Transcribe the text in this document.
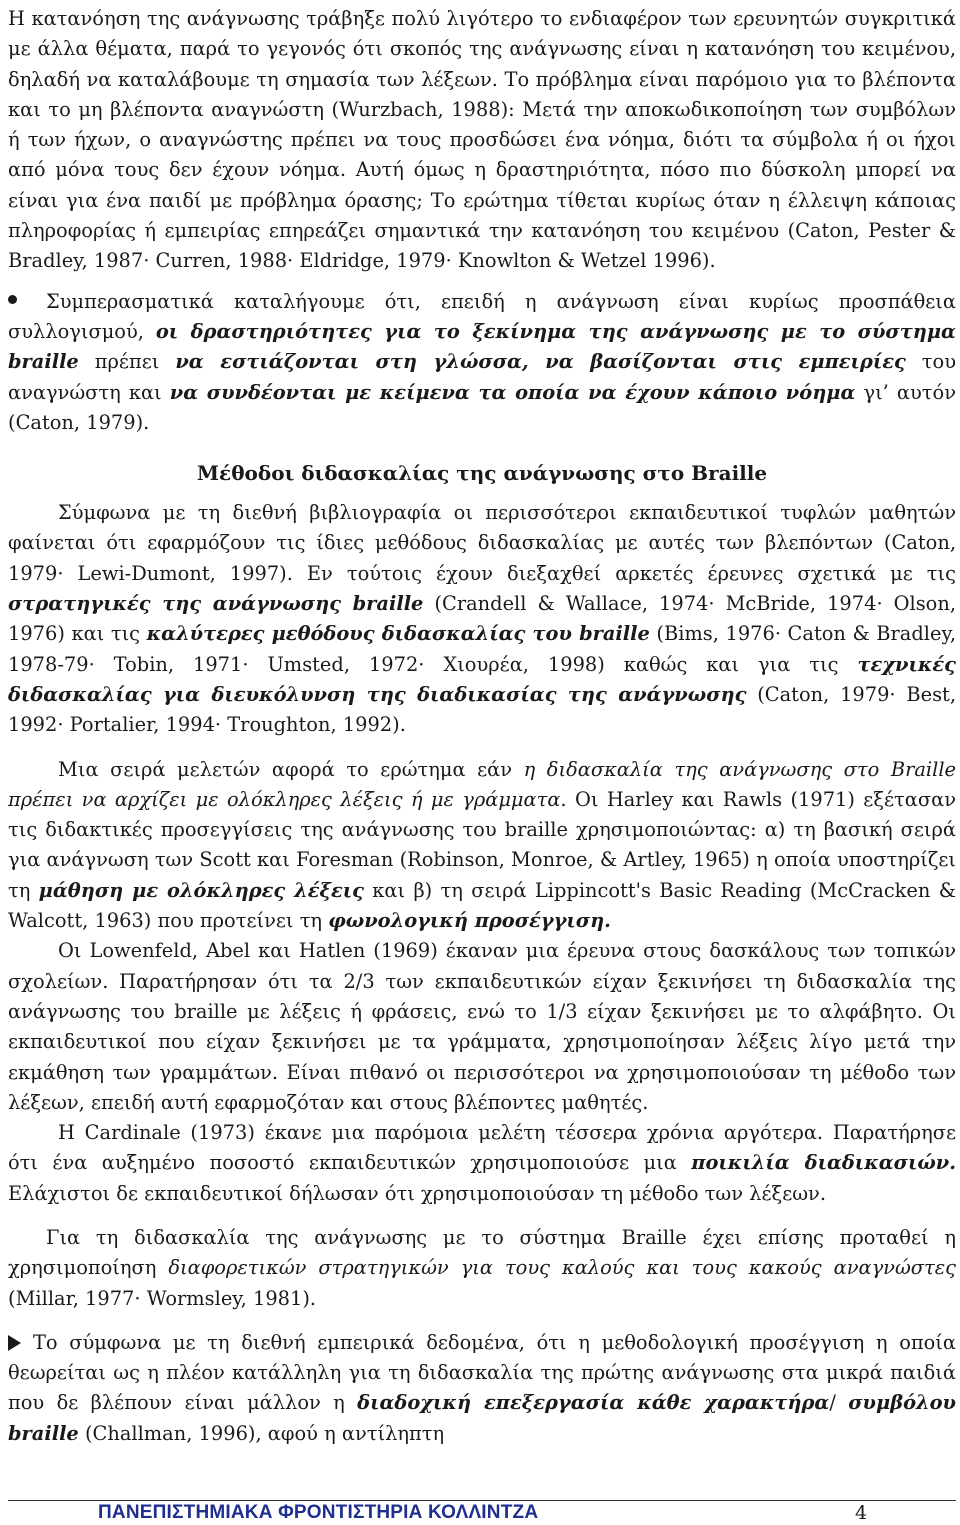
Η κατανόηση της ανάγνωσης τράβηξε πολύ λιγότερο το ενδιαφέρον των ερευνητών συγκριτικά με άλλα θέματα, παρά το γεγονός ότι σκοπός της ανάγνωσης είναι η κατανόηση του κειμένου, δηλαδή να καταλάβουμε τη σημασία των λέξεων. Το πρόβλημα είναι παρόμοιο για το βλέποντα και το μη βλέποντα αναγνώστη (Wurzbach, 1988): Μετά την αποκωδικοποίηση των συμβόλων ή των ήχων, ο αναγνώστης πρέπει να τους προσδώσει ένα νόημα, διότι τα σύμβολα ή οι ήχοι από μόνα τους δεν έχουν νόημα. Αυτή όμως η δραστηριότητα, πόσο πιο δύσκολη μπορεί να είναι για ένα παιδί με πρόβλημα όρασης; Το ερώτημα τίθεται κυρίως όταν η έλλειψη κάποιας πληροφορίας ή εμπειρίας επηρεάζει σημαντικά την κατανόηση του κειμένου (Caton, Pester & Bradley, 1987· Curren, 1988· Eldridge, 1979· Knowlton & Wetzel 1996).

Συμπερασματικά καταλήγουμε ότι, επειδή η ανάγνωση είναι κυρίως προσπάθεια συλλογισμού, οι δραστηριότητες για το ξεκίνημα της ανάγνωσης με το σύστημα braille πρέπει να εστιάζονται στη γλώσσα, να βασίζονται στις εμπειρίες του αναγνώστη και να συνδέονται με κείμενα τα οποία να έχουν κάποιο νόημα γι’ αυτόν (Caton, 1979).

Μέθοδοι διδασκαλίας της ανάγνωσης στο Braille

Σύμφωνα με τη διεθνή βιβλιογραφία οι περισσότεροι εκπαιδευτικοί τυφλών μαθητών φαίνεται ότι εφαρμόζουν τις ίδιες μεθόδους διδασκαλίας με αυτές των βλεπόντων (Caton, 1979· Lewi-Dumont, 1997). Εν τούτοις έχουν διεξαχθεί αρκετές έρευνες σχετικά με τις στρατηγικές της ανάγνωσης braille (Crandell & Wallace, 1974· McBride, 1974· Olson, 1976) και τις καλύτερες μεθόδους διδασκαλίας του braille (Bims, 1976· Caton & Bradley, 1978-79· Tobin, 1971· Umsted, 1972· Χιουρέα, 1998) καθώς και για τις τεχνικές διδασκαλίας για διευκόλυνση της διαδικασίας της ανάγνωσης (Caton, 1979· Best, 1992· Portalier, 1994· Troughton, 1992).

Μια σειρά μελετών αφορά το ερώτημα εάν η διδασκαλία της ανάγνωσης στο Braille πρέπει να αρχίζει με ολόκληρες λέξεις ή με γράμματα. Οι Harley και Rawls (1971) εξέτασαν τις διδακτικές προσεγγίσεις της ανάγνωσης του braille χρησιμοποιώντας: α) τη βασική σειρά για ανάγνωση των Scott και Foresman (Robinson, Monroe, & Artley, 1965) η οποία υποστηρίζει τη μάθηση με ολόκληρες λέξεις και β) τη σειρά Lippincott's Basic Reading (McCracken & Walcott, 1963) που προτείνει τη φωνολογική προσέγγιση.

Οι Lowenfeld, Abel και Hatlen (1969) έκαναν μια έρευνα στους δασκάλους των τοπικών σχολείων. Παρατήρησαν ότι τα 2/3 των εκπαιδευτικών είχαν ξεκινήσει τη διδασκαλία της ανάγνωσης του braille με λέξεις ή φράσεις, ενώ το 1/3 είχαν ξεκινήσει με το αλφάβητο. Οι εκπαιδευτικοί που είχαν ξεκινήσει με τα γράμματα, χρησιμοποίησαν λέξεις λίγο μετά την εκμάθηση των γραμμάτων. Είναι πιθανό οι περισσότεροι να χρησιμοποιούσαν τη μέθοδο των λέξεων, επειδή αυτή εφαρμοζόταν και στους βλέποντες μαθητές.

Η Cardinale (1973) έκανε μια παρόμοια μελέτη τέσσερα χρόνια αργότερα. Παρατήρησε ότι ένα αυξημένο ποσοστό εκπαιδευτικών χρησιμοποιούσε μια ποικιλία διαδικασιών. Ελάχιστοι δε εκπαιδευτικοί δήλωσαν ότι χρησιμοποιούσαν τη μέθοδο των λέξεων.

Για τη διδασκαλία της ανάγνωσης με το σύστημα Braille έχει επίσης προταθεί η χρησιμοποίηση διαφορετικών στρατηγικών για τους καλούς και τους κακούς αναγνώστες (Millar, 1977· Wormsley, 1981).

Το σύμφωνα με τη διεθνή εμπειρικά δεδομένα, ότι η μεθοδολογική προσέγγιση η οποία θεωρείται ως η πλέον κατάλληλη για τη διδασκαλία της πρώτης ανάγνωσης στα μικρά παιδιά που δε βλέπουν είναι μάλλον η διαδοχική επεξεργασία κάθε χαρακτήρα/ συμβόλου braille (Challman, 1996), αφού η αντίληπτη

ΠΑΝΕΠΙΣΤΗΜΙΑΚΑ ΦΡΟΝΤΙΣΤΗΡΙΑ ΚΟΛΛΙΝΤΖΑ	4
